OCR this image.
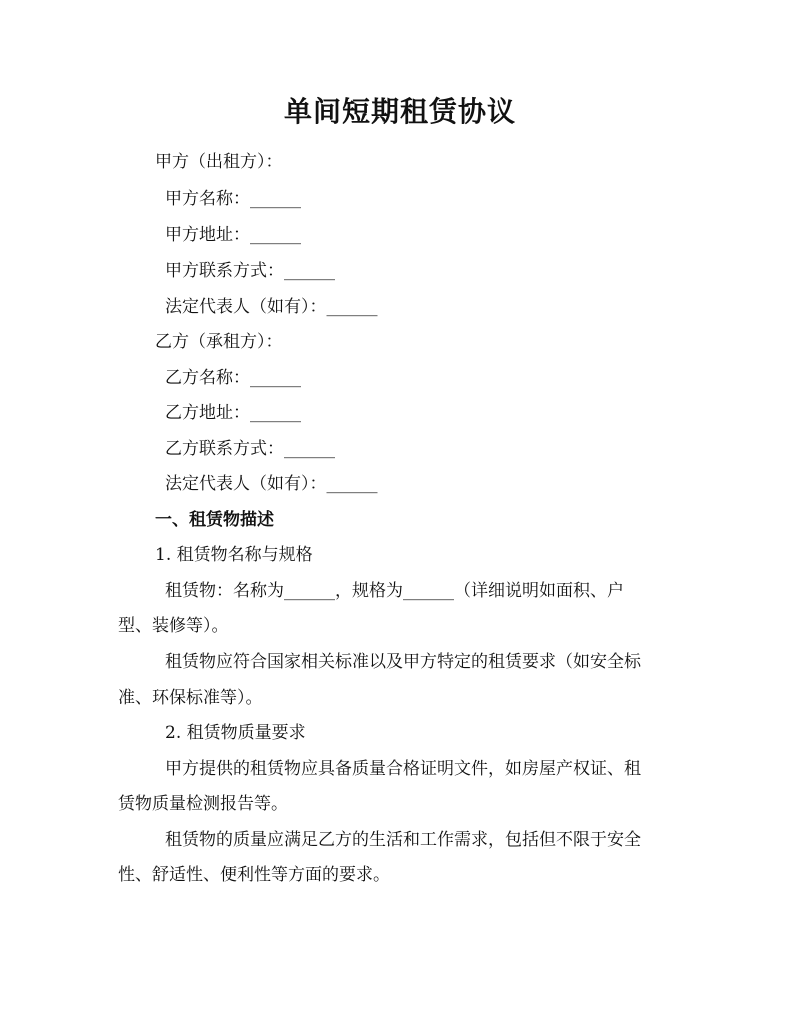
单间短期租赁协议
甲方（出租方）：
甲方名称：______
甲方地址：______
甲方联系方式：______
法定代表人（如有）：______
乙方（承租方）：
乙方名称：______
乙方地址：______
乙方联系方式：______
法定代表人（如有）：______
一、租赁物描述
1. 租赁物名称与规格
租赁物：名称为______，规格为______（详细说明如面积、户
型、装修等）。
租赁物应符合国家相关标准以及甲方特定的租赁要求（如安全标
准、环保标准等）。
2. 租赁物质量要求
甲方提供的租赁物应具备质量合格证明文件，如房屋产权证、租
赁物质量检测报告等。
租赁物的质量应满足乙方的生活和工作需求，包括但不限于安全
性、舒适性、便利性等方面的要求。
